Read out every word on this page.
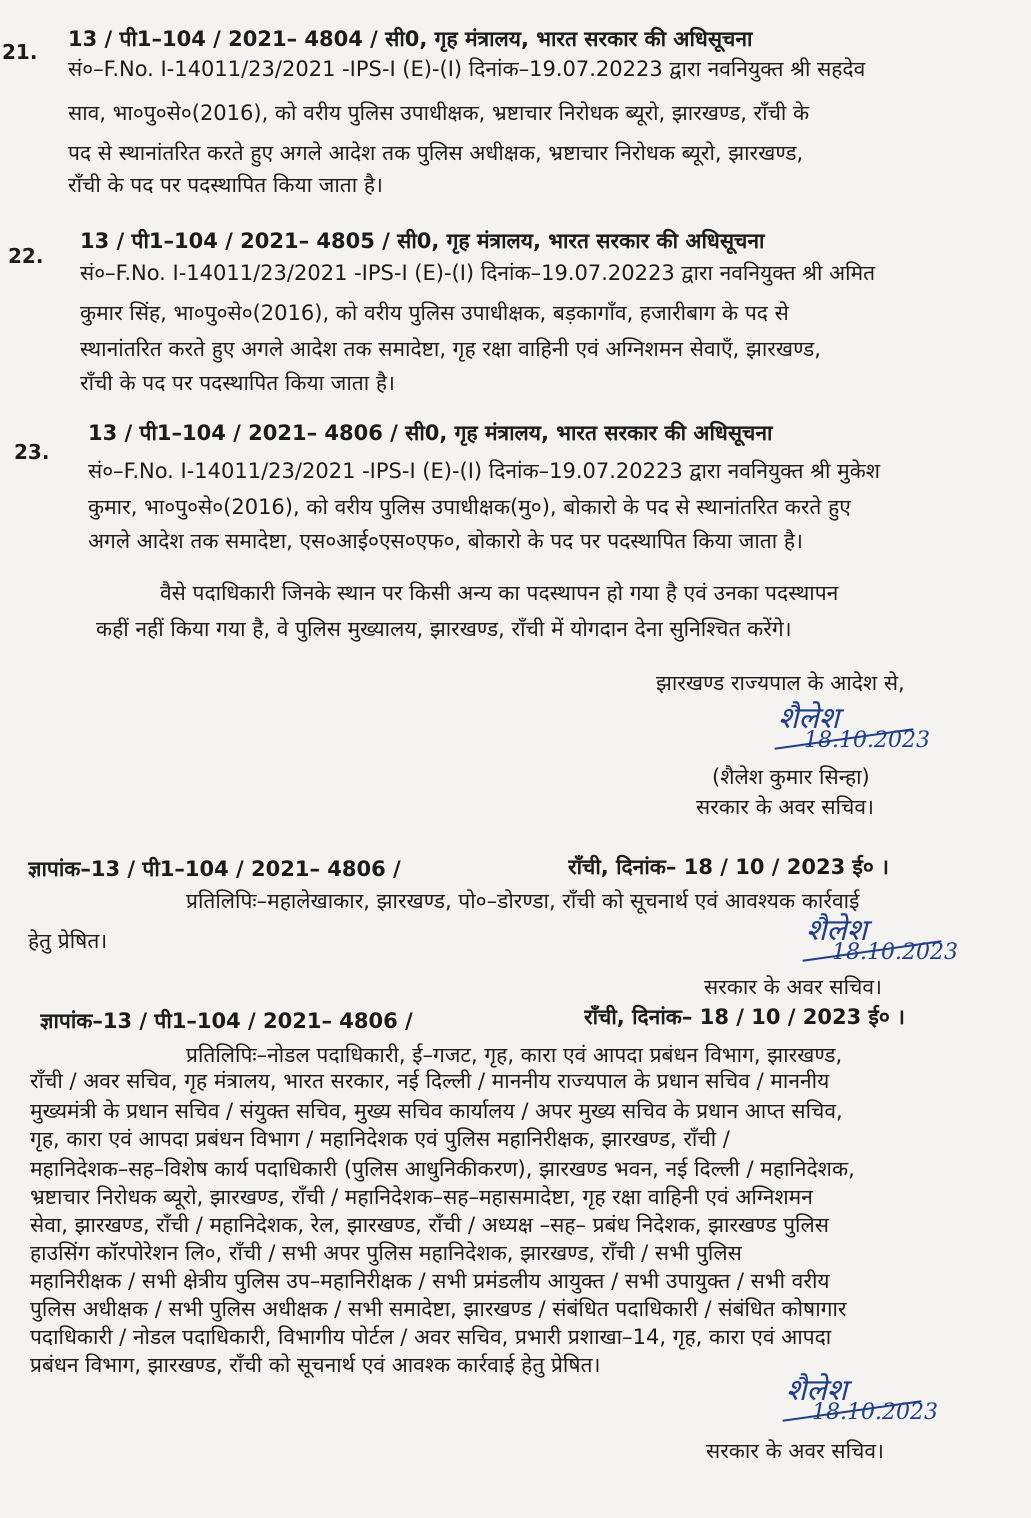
21.
13 / पी1–104 / 2021– 4804 / सी0, गृह मंत्रालय, भारत सरकार की अधिसूचना
सं०–F.No. I-14011/23/2021 -IPS-I (E)-(I) दिनांक–19.07.20223 द्वारा नवनियुक्त श्री सहदेव
साव, भा०पु०से०(2016), को वरीय पुलिस उपाधीक्षक, भ्रष्टाचार निरोधक ब्यूरो, झारखण्ड, राँची के
पद से स्थानांतरित करते हुए अगले आदेश तक पुलिस अधीक्षक, भ्रष्टाचार निरोधक ब्यूरो, झारखण्ड,
राँची के पद पर पदस्थापित किया जाता है।
22.
13 / पी1–104 / 2021– 4805 / सी0, गृह मंत्रालय, भारत सरकार की अधिसूचना
सं०–F.No. I-14011/23/2021 -IPS-I (E)-(I) दिनांक–19.07.20223 द्वारा नवनियुक्त श्री अमित
कुमार सिंह, भा०पु०से०(2016), को वरीय पुलिस उपाधीक्षक, बड़कागाँव, हजारीबाग के पद से
स्थानांतरित करते हुए अगले आदेश तक समादेष्टा, गृह रक्षा वाहिनी एवं अग्निशमन सेवाएँ, झारखण्ड,
राँची के पद पर पदस्थापित किया जाता है।
23.
13 / पी1–104 / 2021– 4806 / सी0, गृह मंत्रालय, भारत सरकार की अधिसूचना
सं०–F.No. I-14011/23/2021 -IPS-I (E)-(I) दिनांक–19.07.20223 द्वारा नवनियुक्त श्री मुकेश
कुमार, भा०पु०से०(2016), को वरीय पुलिस उपाधीक्षक(मु०), बोकारो के पद से स्थानांतरित करते हुए
अगले आदेश तक समादेष्टा, एस०आई०एस०एफ०, बोकारो के पद पर पदस्थापित किया जाता है।
वैसे पदाधिकारी जिनके स्थान पर किसी अन्य का पदस्थापन हो गया है एवं उनका पदस्थापन
कहीं नहीं किया गया है, वे पुलिस मुख्यालय, झारखण्ड, राँची में योगदान देना सुनिश्चित करेंगे।
झारखण्ड राज्यपाल के आदेश से,
शैलेश
18.10.2023
(शैलेश कुमार सिन्हा)
सरकार के अवर सचिव।
ज्ञापांक–13 / पी1–104 / 2021– 4806 /	राँची, दिनांक– 18 / 10 / 2023 ई० ।
प्रतिलिपिः–महालेखाकार, झारखण्ड, पो०–डोरण्डा, राँची को सूचनार्थ एवं आवश्यक कार्रवाई
हेतु प्रेषित।	शैलेश
18.10.2023
सरकार के अवर सचिव।
ज्ञापांक–13 / पी1–104 / 2021– 4806 /	राँची, दिनांक– 18 / 10 / 2023 ई० ।
प्रतिलिपिः–नोडल पदाधिकारी, ई–गजट, गृह, कारा एवं आपदा प्रबंधन विभाग, झारखण्ड,
राँची / अवर सचिव, गृह मंत्रालय, भारत सरकार, नई दिल्ली / माननीय राज्यपाल के प्रधान सचिव / माननीय
मुख्यमंत्री के प्रधान सचिव / संयुक्त सचिव, मुख्य सचिव कार्यालय / अपर मुख्य सचिव के प्रधान आप्त सचिव,
गृह, कारा एवं आपदा प्रबंधन विभाग / महानिदेशक एवं पुलिस महानिरीक्षक, झारखण्ड, राँची /
महानिदेशक–सह–विशेष कार्य पदाधिकारी (पुलिस आधुनिकीकरण), झारखण्ड भवन, नई दिल्ली / महानिदेशक,
भ्रष्टाचार निरोधक ब्यूरो, झारखण्ड, राँची / महानिदेशक–सह–महासमादेष्टा, गृह रक्षा वाहिनी एवं अग्निशमन
सेवा, झारखण्ड, राँची / महानिदेशक, रेल, झारखण्ड, राँची / अध्यक्ष –सह– प्रबंध निदेशक, झारखण्ड पुलिस
हाउसिंग कॉरपोरेशन लि०, राँची / सभी अपर पुलिस महानिदेशक, झारखण्ड, राँची / सभी पुलिस
महानिरीक्षक / सभी क्षेत्रीय पुलिस उप–महानिरीक्षक / सभी प्रमंडलीय आयुक्त / सभी उपायुक्त / सभी वरीय
पुलिस अधीक्षक / सभी पुलिस अधीक्षक / सभी समादेष्टा, झारखण्ड / संबंधित पदाधिकारी / संबंधित कोषागार
पदाधिकारी / नोडल पदाधिकारी, विभागीय पोर्टल / अवर सचिव, प्रभारी प्रशाखा–14, गृह, कारा एवं आपदा
प्रबंधन विभाग, झारखण्ड, राँची को सूचनार्थ एवं आवश्क कार्रवाई हेतु प्रेषित।
शैलेश
18.10.2023
सरकार के अवर सचिव।
